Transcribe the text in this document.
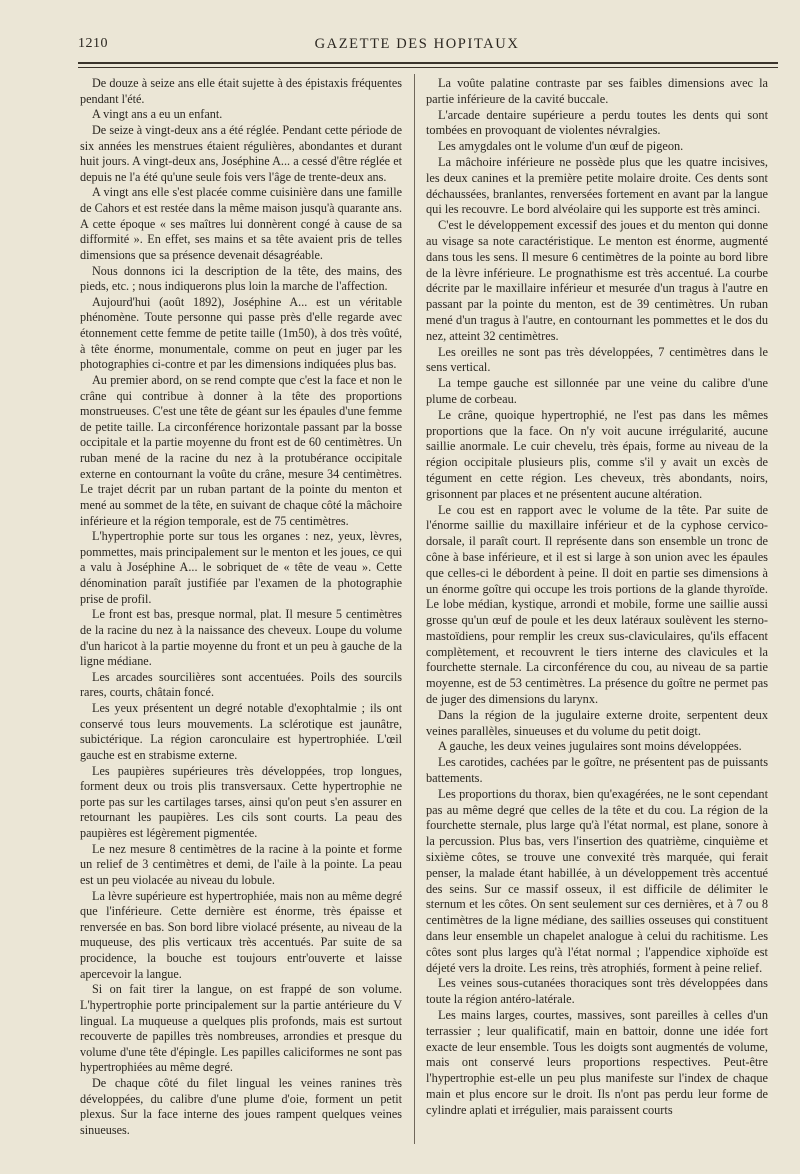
1210	GAZETTE DES HOPITAUX

De douze à seize ans elle était sujette à des épistaxis fréquentes pendant l'été.

A vingt ans a eu un enfant.

De seize à vingt-deux ans a été réglée. Pendant cette période de six années les menstrues étaient régulières, abondantes et durant huit jours. A vingt-deux ans, Joséphine A... a cessé d'être réglée et depuis ne l'a été qu'une seule fois vers l'âge de trente-deux ans.

A vingt ans elle s'est placée comme cuisinière dans une famille de Cahors et est restée dans la même maison jusqu'à quarante ans. A cette époque « ses maîtres lui donnèrent congé à cause de sa difformité ». En effet, ses mains et sa tête avaient pris de telles dimensions que sa présence devenait désagréable.

Nous donnons ici la description de la tête, des mains, des pieds, etc. ; nous indiquerons plus loin la marche de l'affection.

Aujourd'hui (août 1892), Joséphine A... est un véritable phénomène. Toute personne qui passe près d'elle regarde avec étonnement cette femme de petite taille (1m50), à dos très voûté, à tête énorme, monumentale, comme on peut en juger par les photographies ci-contre et par les dimensions indiquées plus bas.

Au premier abord, on se rend compte que c'est la face et non le crâne qui contribue à donner à la tête des proportions monstrueuses. C'est une tête de géant sur les épaules d'une femme de petite taille. La circonférence horizontale passant par la bosse occipitale et la partie moyenne du front est de 60 centimètres. Un ruban mené de la racine du nez à la protubérance occipitale externe en contournant la voûte du crâne, mesure 34 centimètres. Le trajet décrit par un ruban partant de la pointe du menton et mené au sommet de la tête, en suivant de chaque côté la mâchoire inférieure et la région temporale, est de 75 centimètres.

L'hypertrophie porte sur tous les organes : nez, yeux, lèvres, pommettes, mais principalement sur le menton et les joues, ce qui a valu à Joséphine A... le sobriquet de « tête de veau ». Cette dénomination paraît justifiée par l'examen de la photographie prise de profil.

Le front est bas, presque normal, plat. Il mesure 5 centimètres de la racine du nez à la naissance des cheveux. Loupe du volume d'un haricot à la partie moyenne du front et un peu à gauche de la ligne médiane.

Les arcades sourcilières sont accentuées. Poils des sourcils rares, courts, châtain foncé.

Les yeux présentent un degré notable d'exophtalmie ; ils ont conservé tous leurs mouvements. La sclérotique est jaunâtre, subictérique. La région caronculaire est hypertrophiée. L'œil gauche est en strabisme externe.

Les paupières supérieures très développées, trop longues, forment deux ou trois plis transversaux. Cette hypertrophie ne porte pas sur les cartilages tarses, ainsi qu'on peut s'en assurer en retournant les paupières. Les cils sont courts. La peau des paupières est légèrement pigmentée.

Le nez mesure 8 centimètres de la racine à la pointe et forme un relief de 3 centimètres et demi, de l'aile à la pointe. La peau est un peu violacée au niveau du lobule.

La lèvre supérieure est hypertrophiée, mais non au même degré que l'inférieure. Cette dernière est énorme, très épaisse et renversée en bas. Son bord libre violacé présente, au niveau de la muqueuse, des plis verticaux très accentués. Par suite de sa procidence, la bouche est toujours entr'ouverte et laisse apercevoir la langue.

Si on fait tirer la langue, on est frappé de son volume. L'hypertrophie porte principalement sur la partie antérieure du V lingual. La muqueuse a quelques plis profonds, mais est surtout recouverte de papilles très nombreuses, arrondies et presque du volume d'une tête d'épingle. Les papilles caliciformes ne sont pas hypertrophiées au même degré.

De chaque côté du filet lingual les veines ranines très développées, du calibre d'une plume d'oie, forment un petit plexus. Sur la face interne des joues rampent quelques veines sinueuses.

La voûte palatine contraste par ses faibles dimensions avec la partie inférieure de la cavité buccale.

L'arcade dentaire supérieure a perdu toutes les dents qui sont tombées en provoquant de violentes névralgies.

Les amygdales ont le volume d'un œuf de pigeon.

La mâchoire inférieure ne possède plus que les quatre incisives, les deux canines et la première petite molaire droite. Ces dents sont déchaussées, branlantes, renversées fortement en avant par la langue qui les recouvre. Le bord alvéolaire qui les supporte est très aminci.

C'est le développement excessif des joues et du menton qui donne au visage sa note caractéristique. Le menton est énorme, augmenté dans tous les sens. Il mesure 6 centimètres de la pointe au bord libre de la lèvre inférieure. Le prognathisme est très accentué. La courbe décrite par le maxillaire inférieur et mesurée d'un tragus à l'autre en passant par la pointe du menton, est de 39 centimètres. Un ruban mené d'un tragus à l'autre, en contournant les pommettes et le dos du nez, atteint 32 centimètres.

Les oreilles ne sont pas très développées, 7 centimètres dans le sens vertical.

La tempe gauche est sillonnée par une veine du calibre d'une plume de corbeau.

Le crâne, quoique hypertrophié, ne l'est pas dans les mêmes proportions que la face. On n'y voit aucune irrégularité, aucune saillie anormale. Le cuir chevelu, très épais, forme au niveau de la région occipitale plusieurs plis, comme s'il y avait un excès de tégument en cette région. Les cheveux, très abondants, noirs, grisonnent par places et ne présentent aucune altération.

Le cou est en rapport avec le volume de la tête. Par suite de l'énorme saillie du maxillaire inférieur et de la cyphose cervico-dorsale, il paraît court. Il représente dans son ensemble un tronc de cône à base inférieure, et il est si large à son union avec les épaules que celles-ci le débordent à peine. Il doit en partie ses dimensions à un énorme goître qui occupe les trois portions de la glande thyroïde. Le lobe médian, kystique, arrondi et mobile, forme une saillie aussi grosse qu'un œuf de poule et les deux latéraux soulèvent les sterno-mastoïdiens, pour remplir les creux sus-claviculaires, qu'ils effacent complètement, et recouvrent le tiers interne des clavicules et la fourchette sternale. La circonférence du cou, au niveau de sa partie moyenne, est de 53 centimètres. La présence du goître ne permet pas de juger des dimensions du larynx.

Dans la région de la jugulaire externe droite, serpentent deux veines parallèles, sinueuses et du volume du petit doigt.

A gauche, les deux veines jugulaires sont moins développées.

Les carotides, cachées par le goître, ne présentent pas de puissants battements.

Les proportions du thorax, bien qu'exagérées, ne le sont cependant pas au même degré que celles de la tête et du cou. La région de la fourchette sternale, plus large qu'à l'état normal, est plane, sonore à la percussion. Plus bas, vers l'insertion des quatrième, cinquième et sixième côtes, se trouve une convexité très marquée, qui ferait penser, la malade étant habillée, à un développement très accentué des seins. Sur ce massif osseux, il est difficile de délimiter le sternum et les côtes. On sent seulement sur ces dernières, et à 7 ou 8 centimètres de la ligne médiane, des saillies osseuses qui constituent dans leur ensemble un chapelet analogue à celui du rachitisme. Les côtes sont plus larges qu'à l'état normal ; l'appendice xiphoïde est déjeté vers la droite. Les reins, très atrophiés, forment à peine relief.

Les veines sous-cutanées thoraciques sont très développées dans toute la région antéro-latérale.

Les mains larges, courtes, massives, sont pareilles à celles d'un terrassier ; leur qualificatif, main en battoir, donne une idée fort exacte de leur ensemble. Tous les doigts sont augmentés de volume, mais ont conservé leurs proportions respectives. Peut-être l'hypertrophie est-elle un peu plus manifeste sur l'index de chaque main et plus encore sur le droit. Ils n'ont pas perdu leur forme de cylindre aplati et irrégulier, mais paraissent courts
